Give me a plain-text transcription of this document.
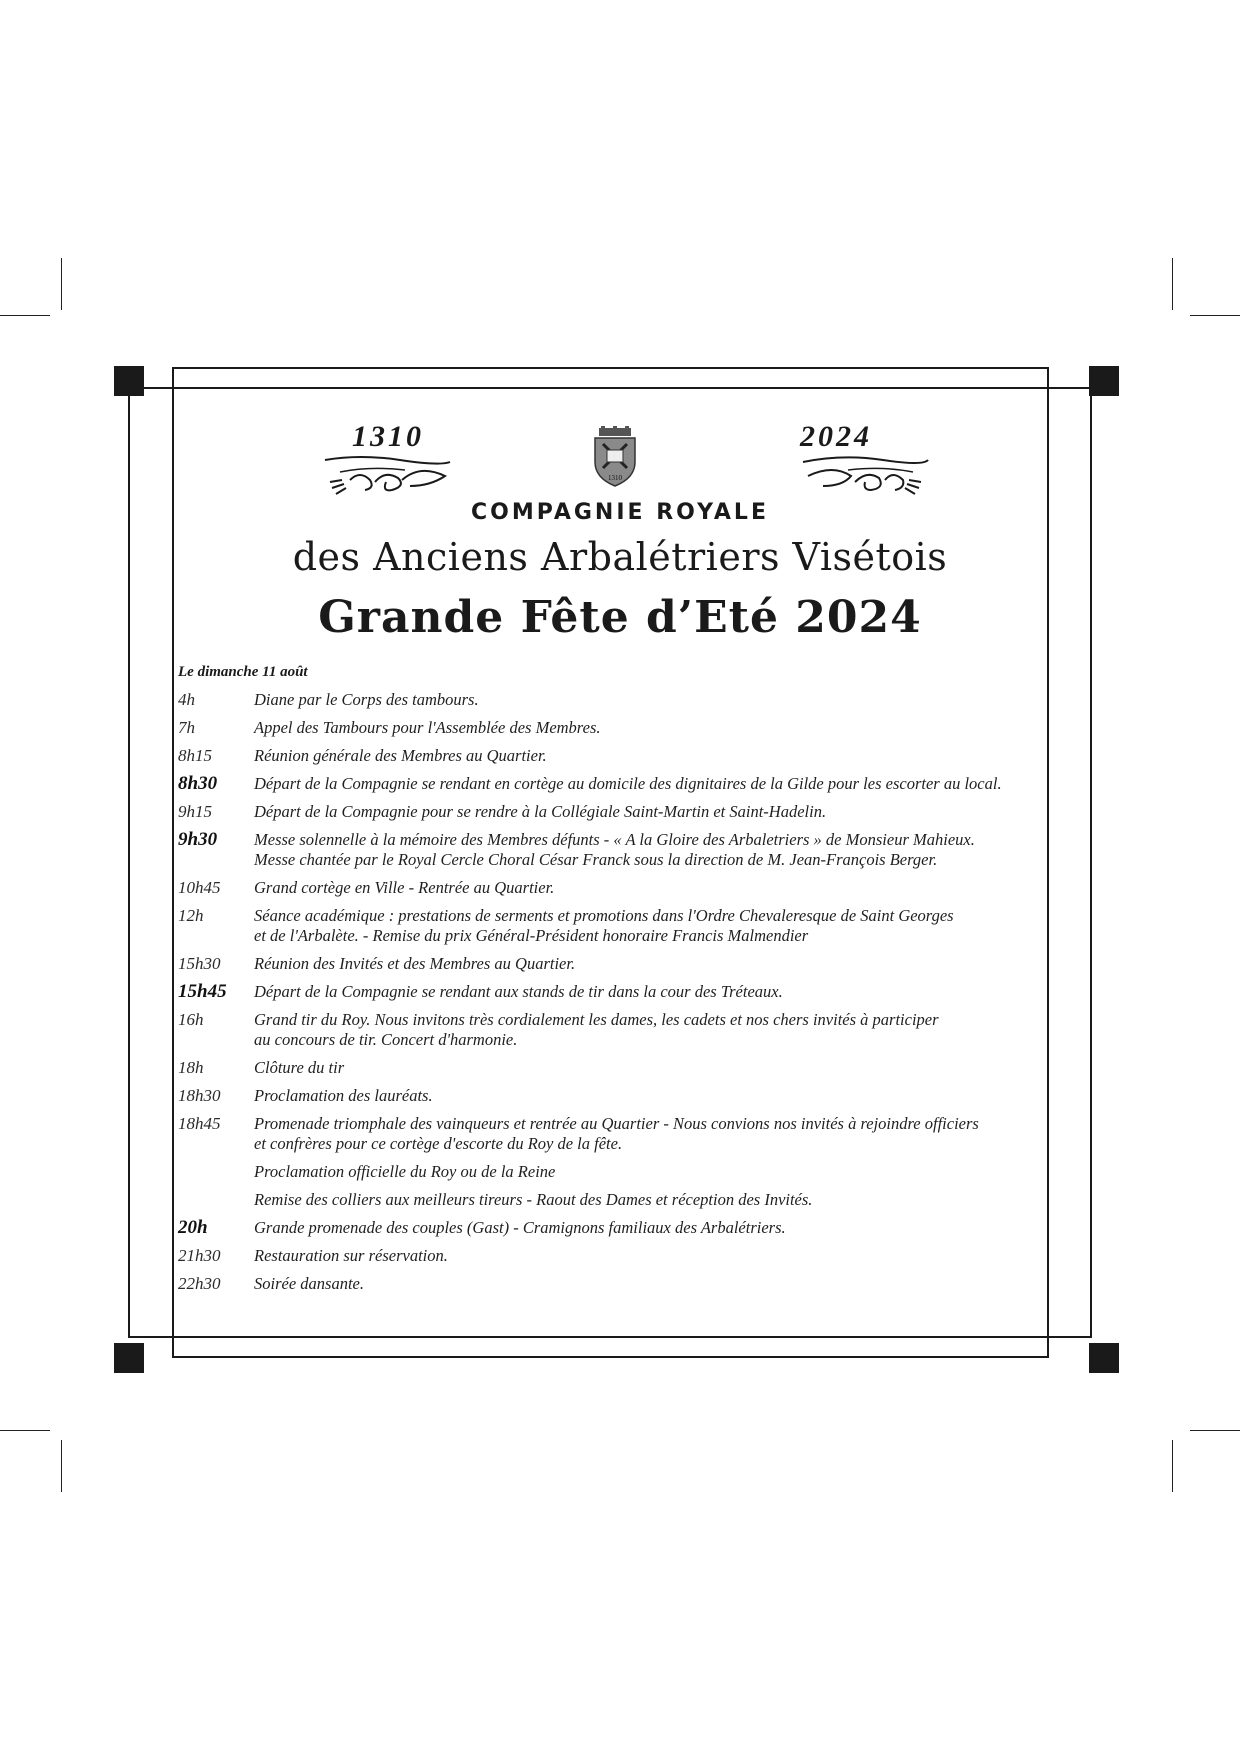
1310	2024
1310
COMPAGNIE ROYALE
des Anciens Arbalétriers Visétois
Grande Fête d’Eté 2024
Le dimanche 11 août
4h	Diane par le Corps des tambours.
7h	Appel des Tambours pour l'Assemblée des Membres.
8h15	Réunion générale des Membres au Quartier.
8h30	Départ de la Compagnie se rendant en cortège au domicile des dignitaires de la Gilde pour les escorter au local.
9h15	Départ de la Compagnie pour se rendre à la Collégiale Saint-Martin et Saint-Hadelin.
9h30	Messe solennelle à la mémoire des Membres défunts - « A la Gloire des Arbaletriers » de Monsieur Mahieux.
Messe chantée par le Royal Cercle Choral César Franck sous la direction de M. Jean-François Berger.
10h45	Grand cortège en Ville - Rentrée au Quartier.
12h	Séance académique : prestations de serments et promotions dans l'Ordre Chevaleresque de Saint Georges
et de l'Arbalète. - Remise du prix Général-Président honoraire Francis Malmendier
15h30	Réunion des Invités et des Membres au Quartier.
15h45	Départ de la Compagnie se rendant aux stands de tir dans la cour des Tréteaux.
16h	Grand tir du Roy. Nous invitons très cordialement les dames, les cadets et nos chers invités à participer
au concours de tir. Concert d'harmonie.
18h	Clôture du tir
18h30	Proclamation des lauréats.
18h45	Promenade triomphale des vainqueurs et rentrée au Quartier - Nous convions nos invités à rejoindre officiers
et confrères pour ce cortège d'escorte du Roy de la fête.
Proclamation officielle du Roy ou de la Reine
Remise des colliers aux meilleurs tireurs - Raout des Dames et réception des Invités.
20h	Grande promenade des couples (Gast) - Cramignons familiaux des Arbalétriers.
21h30	Restauration sur réservation.
22h30	Soirée dansante.
